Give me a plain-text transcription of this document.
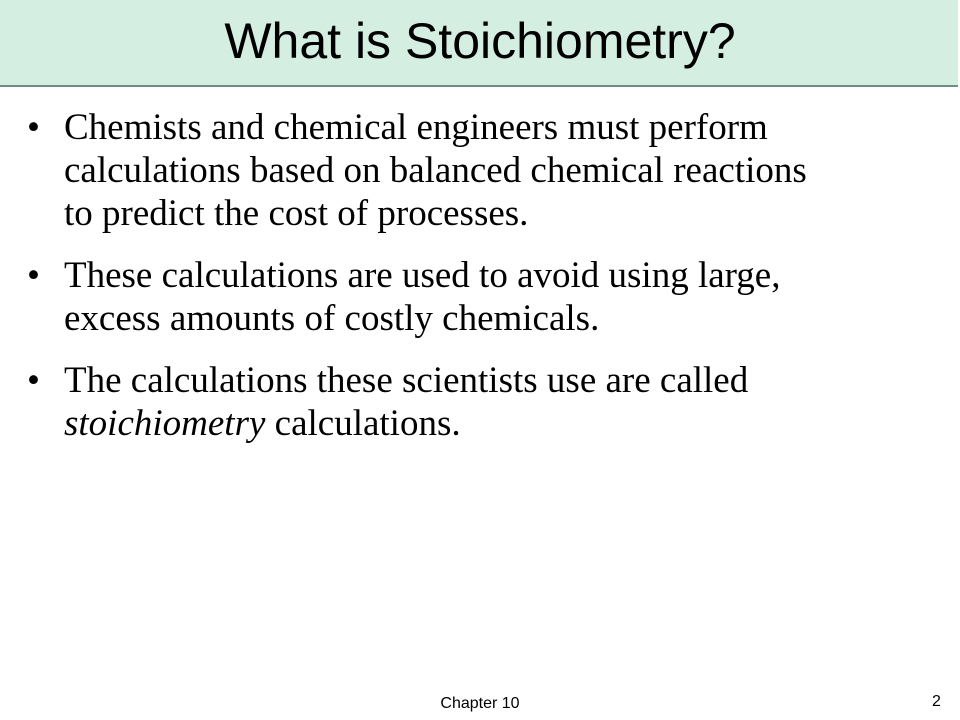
What is Stoichiometry?
• Chemists and chemical engineers must perform
calculations based on balanced chemical reactions
to predict the cost of processes.
• These calculations are used to avoid using large,
excess amounts of costly chemicals.
• The calculations these scientists use are called
stoichiometry calculations.
Chapter 10	2
